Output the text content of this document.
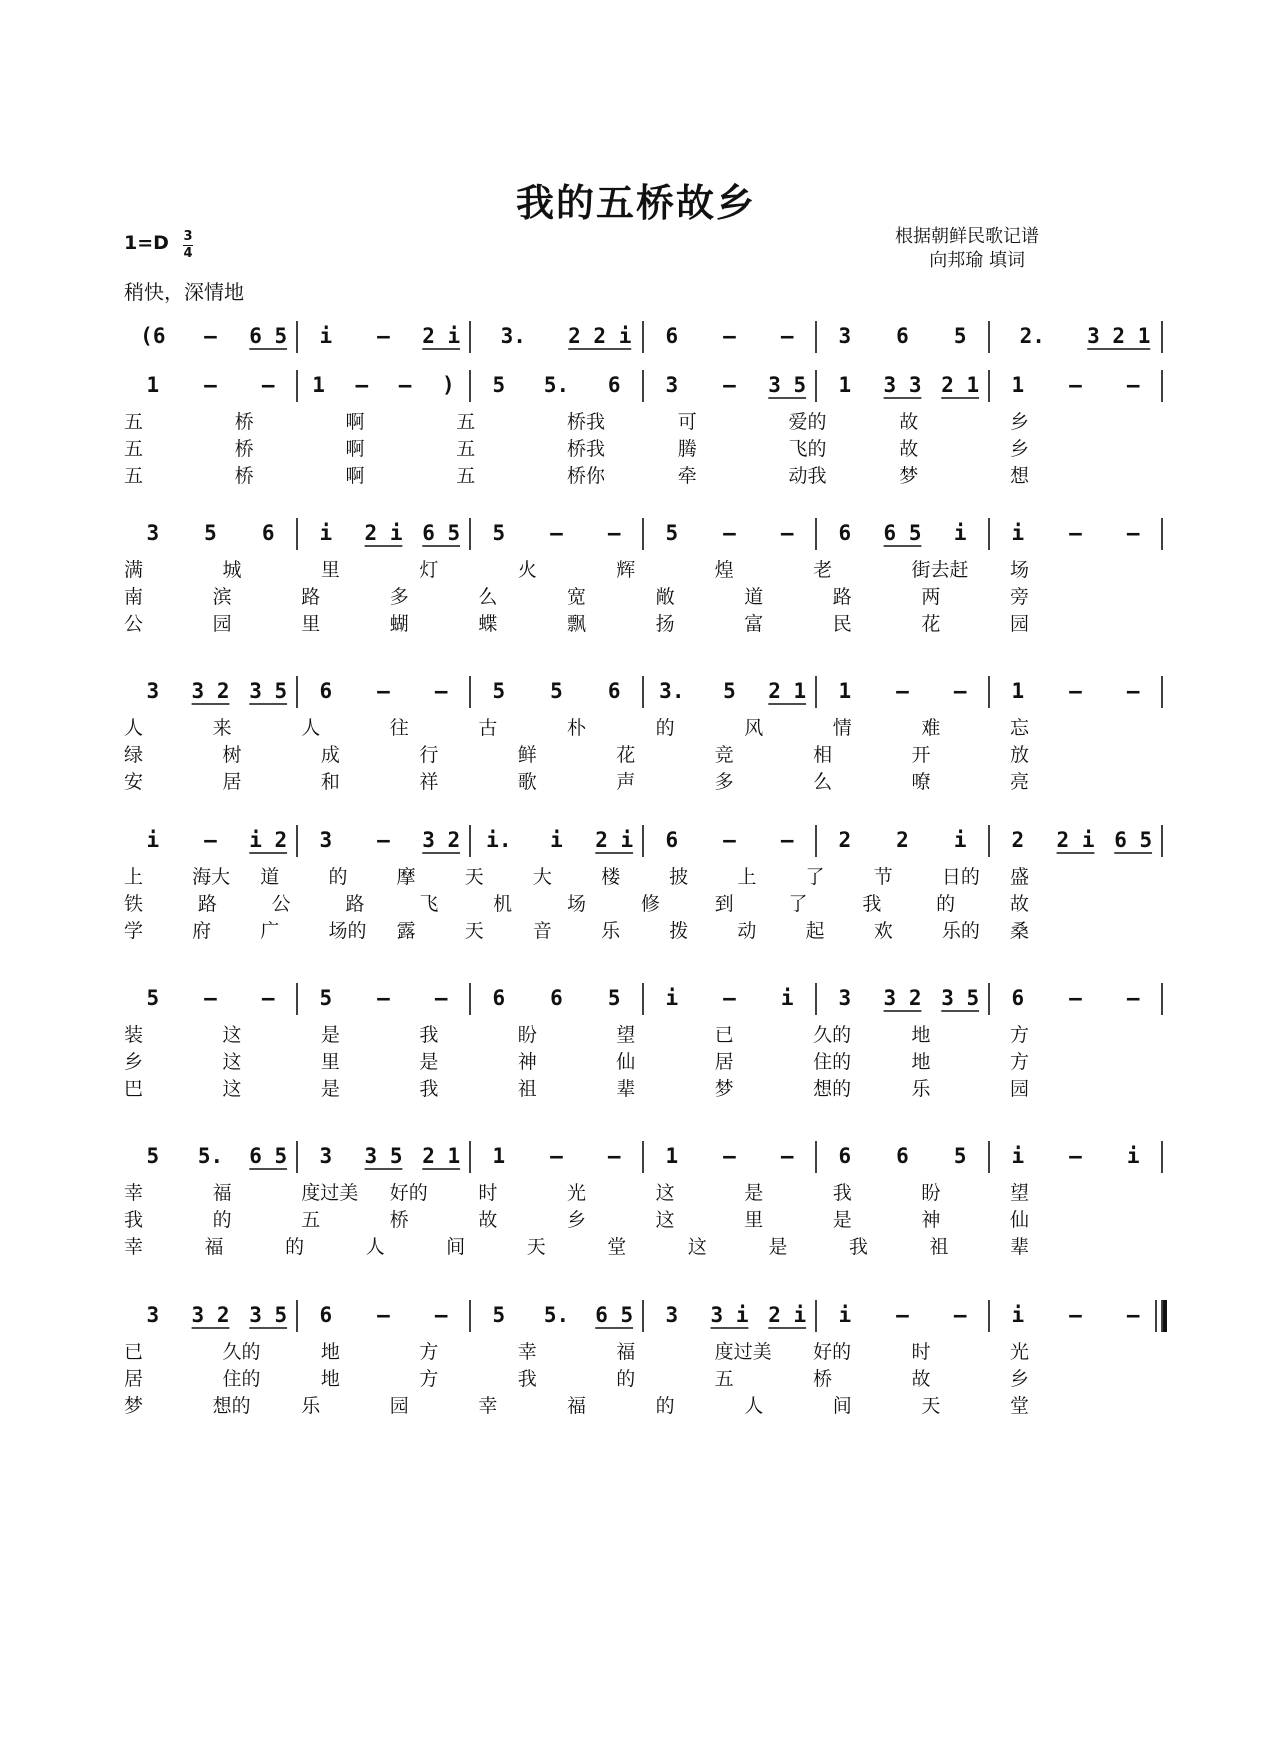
我的五桥故乡
1=D 3
4
稍快，深情地
根据朝鲜民歌记谱
向邦瑜 填词
(6 – 6 5 i – 2 i 3. 2 2 i 6 – – 3 6 5	2. 3 2 1
1 – – 1 – – ) 5 5. 6 3 – 3 5 1 3 3 2 1 1 – –
五	桥	啊	五	桥我	可	爱的	故	乡
五	桥	啊	五	桥我	腾	飞的	故	乡
五	桥	啊	五	桥你	牵	动我	梦	想
3 5 6 i 2 i 6 5 5 – – 5 – – 6 6 5 i i – –
满	城	里	灯	火	辉	煌	老	街去赶 场
南	滨	路	多	么	宽	敞	道	路	两	旁
公	园	里	蝴	蝶	飘	扬	富	民	花	园
3 3 2 3 5 6 – – 5 5 6 3. 5 2 1 1 – – 1 – –
人	来	人	往	古	朴	的	风	情	难	忘
绿	树	成	行	鲜	花	竞	相	开	放
安	居	和	祥	歌	声	多	么	嘹	亮
i – i 2 3 – 3 2 i. i 2 i 6 – – 2 2 i 2 2 i 6 5
上	海大 道	的	摩	天	大	楼	披	上	了	节	日的 盛
铁	路	公	路	飞	机	场	修	到	了	我	的	故
学	府	广	场的 露	天	音	乐	拨	动	起	欢	乐的 桑
5 – – 5 – – 6 6 5 i – i 3 3 2 3 5 6 – –
装	这	是	我	盼	望	已	久的	地	方
乡	这	里	是	神	仙	居	住的	地	方
巴	这	是	我	祖	辈	梦	想的	乐	园
5 5. 6 5 3 3 5 2 1 1 – – 1 – – 6 6 5 i – i
幸	福	度过美 好的	时	光	这	是	我	盼	望
我	的	五	桥	故	乡	这	里	是	神	仙
幸	福	的	人	间	天	堂	这	是	我	祖	辈
3 3 2 3 5 6 – – 5 5. 6 5 3 3 i 2 i i – – i – –
已	久的	地	方	幸	福	度过美 好的	时	光
居	住的	地	方	我	的	五	桥	故	乡
梦	想的	乐	园	幸	福	的	人	间	天	堂
